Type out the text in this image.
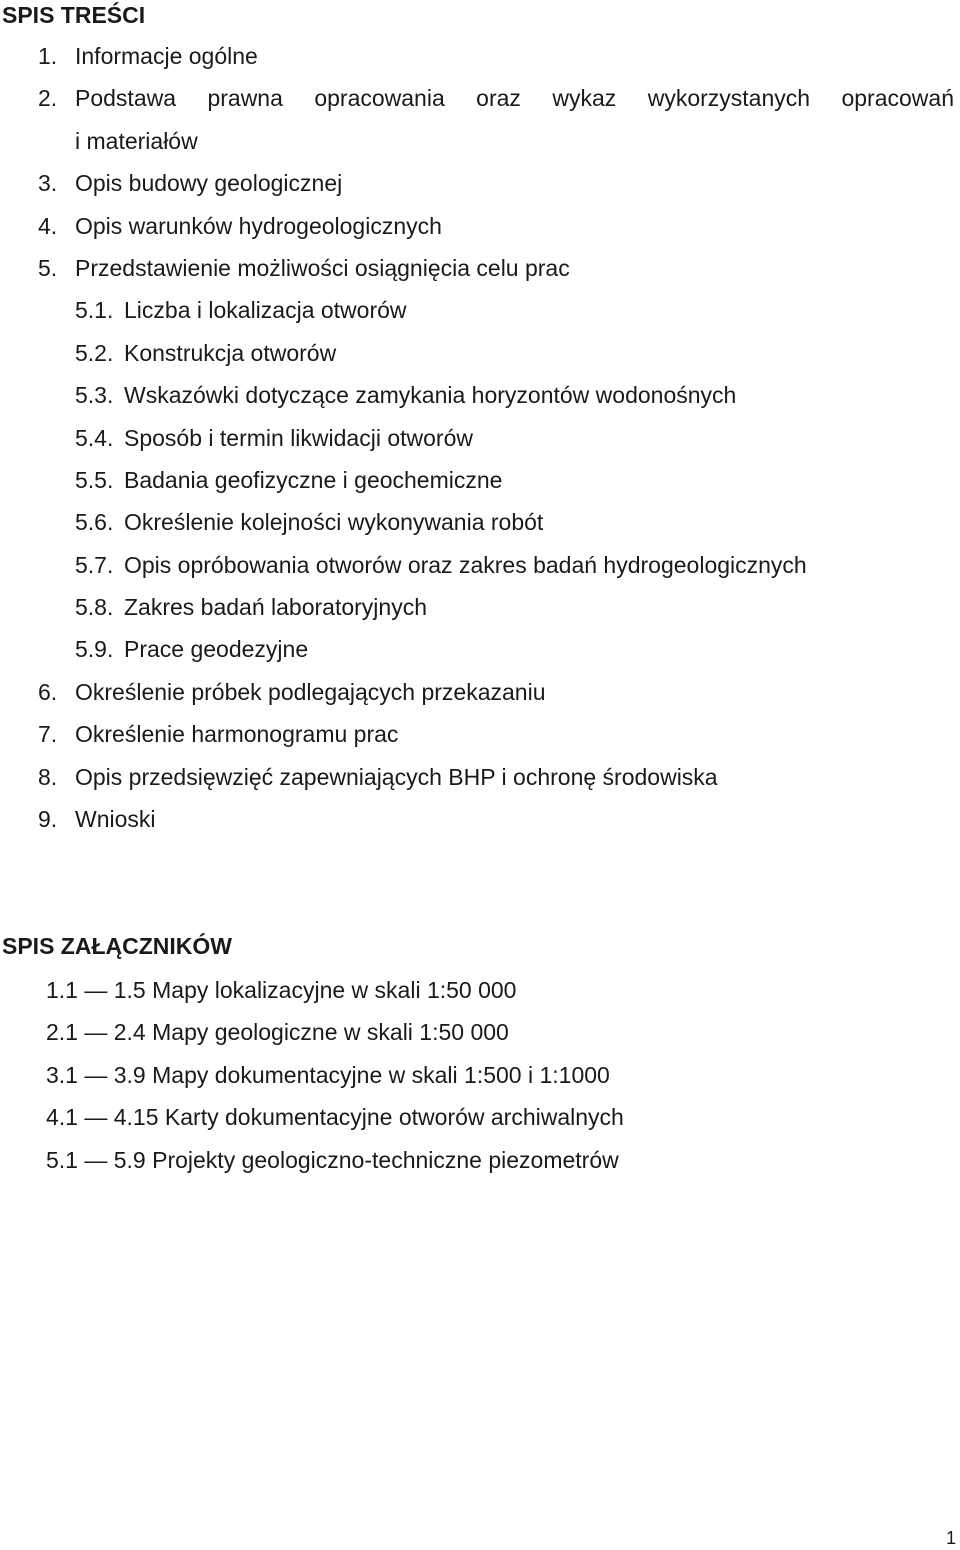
SPIS TREŚCI
1. Informacje ogólne
2. Podstawa prawna opracowania oraz wykaz wykorzystanych opracowań
i materiałów
3. Opis budowy geologicznej
4. Opis warunków hydrogeologicznych
5. Przedstawienie możliwości osiągnięcia celu prac
5.1. Liczba i lokalizacja otworów
5.2. Konstrukcja otworów
5.3. Wskazówki dotyczące zamykania horyzontów wodonośnych
5.4. Sposób i termin likwidacji otworów
5.5. Badania geofizyczne i geochemiczne
5.6. Określenie kolejności wykonywania robót
5.7. Opis opróbowania otworów oraz zakres badań hydrogeologicznych
5.8. Zakres badań laboratoryjnych
5.9. Prace geodezyjne
6. Określenie próbek podlegających przekazaniu
7. Określenie harmonogramu prac
8. Opis przedsięwzięć zapewniających BHP i ochronę środowiska
9. Wnioski
SPIS ZAŁĄCZNIKÓW
1.1 — 1.5 Mapy lokalizacyjne w skali 1:50 000
2.1 — 2.4 Mapy geologiczne w skali 1:50 000
3.1 — 3.9 Mapy dokumentacyjne w skali 1:500 i 1:1000
4.1 — 4.15 Karty dokumentacyjne otworów archiwalnych
5.1 — 5.9 Projekty geologiczno-techniczne piezometrów
1
